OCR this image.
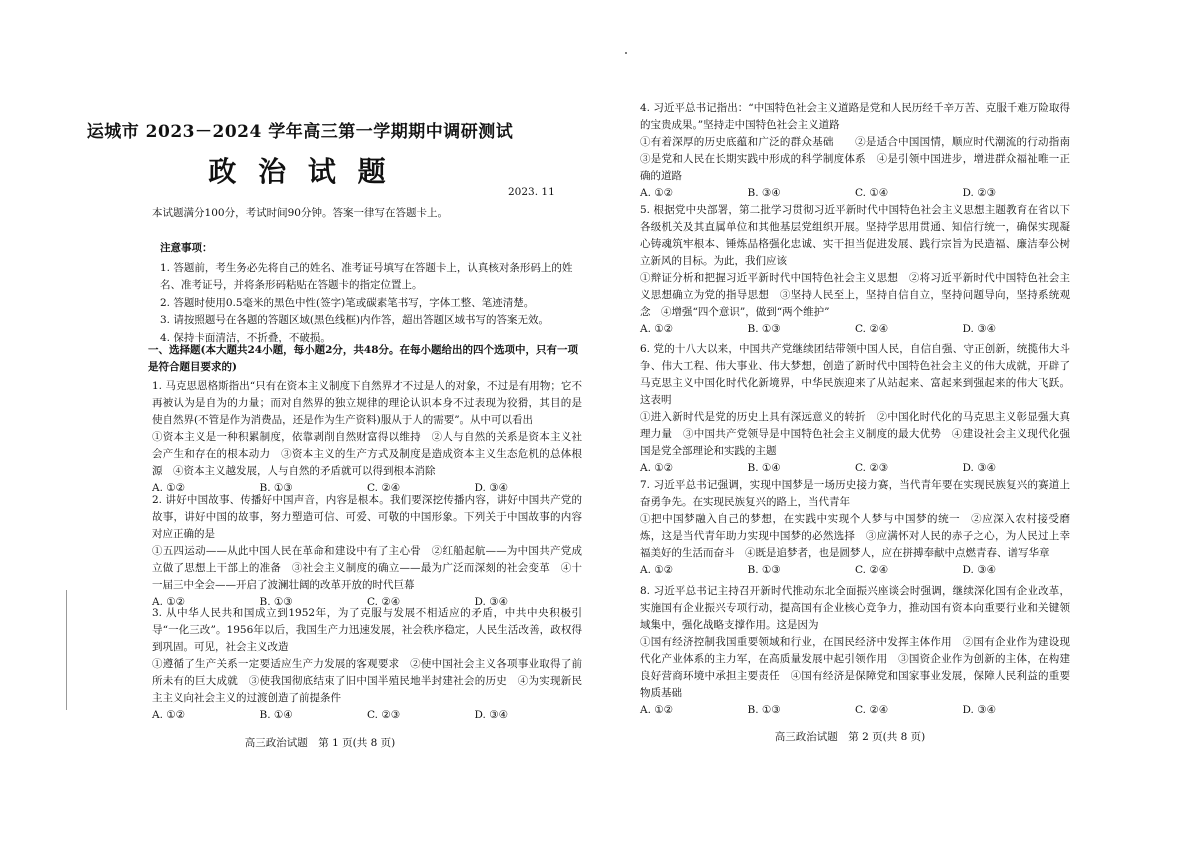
运城市 2023－2024 学年高三第一学期期中调研测试
政 治 试 题
2023. 11
本试题满分100分，考试时间90分钟。答案一律写在答题卡上。
注意事项：

1. 答题前，考生务必先将自己的姓名、准考证号填写在答题卡上，认真核对条形码上的姓名、准考证号，并将条形码粘贴在答题卡的指定位置上。

2. 答题时使用0.5毫米的黑色中性(签字)笔或碳素笔书写，字体工整、笔迹清楚。

3. 请按照题号在各题的答题区域(黑色线框)内作答，超出答题区域书写的答案无效。

4. 保持卡面清洁，不折叠，不破损。

一、选择题(本大题共24小题，每小题2分，共48分。在每小题给出的四个选项中，只有一项是符合题目要求的)

1. 马克思恩格斯指出“只有在资本主义制度下自然界才不过是人的对象，不过是有用物；它不再被认为是自为的力量；而对自然界的独立规律的理论认识本身不过表现为狡猾，其目的是使自然界(不管是作为消费品，还是作为生产资料)服从于人的需要”。从中可以看出

①资本主义是一种积累制度，依靠剥削自然财富得以维持　②人与自然的关系是资本主义社会产生和存在的根本动力　③资本主义的生产方式及制度是造成资本主义生态危机的总体根源　④资本主义越发展，人与自然的矛盾就可以得到根本消除

A. ①②	B. ①③	C. ②④	D. ③④

2. 讲好中国故事、传播好中国声音，内容是根本。我们要深挖传播内容，讲好中国共产党的故事，讲好中国的故事，努力塑造可信、可爱、可敬的中国形象。下列关于中国故事的内容对应正确的是

①五四运动——从此中国人民在革命和建设中有了主心骨　②红船起航——为中国共产党成立做了思想上干部上的准备　③社会主义制度的确立——最为广泛而深刻的社会变革　④十一届三中全会——开启了波澜壮阔的改革开放的时代巨幕

A. ①②	B. ①③	C. ②④	D. ③④

3. 从中华人民共和国成立到1952年，为了克服与发展不相适应的矛盾，中共中央积极引导“一化三改”。1956年以后，我国生产力迅速发展，社会秩序稳定，人民生活改善，政权得到巩固。可见，社会主义改造

①遵循了生产关系一定要适应生产力发展的客观要求　②使中国社会主义各项事业取得了前所未有的巨大成就　③使我国彻底结束了旧中国半殖民地半封建社会的历史　④为实现新民主主义向社会主义的过渡创造了前提条件

A. ①②	B. ①④	C. ②③	D. ③④
高三政治试题　第 1 页(共 8 页)

4. 习近平总书记指出：“中国特色社会主义道路是党和人民历经千辛万苦、克服千难万险取得的宝贵成果。”坚持走中国特色社会主义道路

①有着深厚的历史底蕴和广泛的群众基础　　②是适合中国国情，顺应时代潮流的行动指南　③是党和人民在长期实践中形成的科学制度体系　④是引领中国进步，增进群众福祉唯一正确的道路

A. ①②	B. ③④	C. ①④	D. ②③

5. 根据党中央部署，第二批学习贯彻习近平新时代中国特色社会主义思想主题教育在省以下各级机关及其直属单位和其他基层党组织开展。坚持学思用贯通、知信行统一，确保实现凝心铸魂筑牢根本、锤炼品格强化忠诚、实干担当促进发展、践行宗旨为民造福、廉洁奉公树立新风的目标。为此，我们应该

①辩证分析和把握习近平新时代中国特色社会主义思想　②将习近平新时代中国特色社会主义思想确立为党的指导思想　③坚持人民至上，坚持自信自立，坚持问题导向，坚持系统观念　④增强“四个意识”，做到“两个维护”

A. ①②	B. ①③	C. ②④	D. ③④

6. 党的十八大以来，中国共产党继续团结带领中国人民，自信自强、守正创新，统揽伟大斗争、伟大工程、伟大事业、伟大梦想，创造了新时代中国特色社会主义的伟大成就，开辟了马克思主义中国化时代化新境界，中华民族迎来了从站起来、富起来到强起来的伟大飞跃。这表明

①进入新时代是党的历史上具有深远意义的转折　②中国化时代化的马克思主义彰显强大真理力量　③中国共产党领导是中国特色社会主义制度的最大优势　④建设社会主义现代化强国是党全部理论和实践的主题

A. ①②	B. ①④	C. ②③	D. ③④

7. 习近平总书记强调，实现中国梦是一场历史接力赛，当代青年要在实现民族复兴的赛道上奋勇争先。在实现民族复兴的路上，当代青年

①把中国梦融入自己的梦想，在实践中实现个人梦与中国梦的统一　②应深入农村接受磨炼，这是当代青年助力实现中国梦的必然选择　③应满怀对人民的赤子之心，为人民过上幸福美好的生活而奋斗　④既是追梦者，也是圆梦人，应在拼搏奉献中点燃青春、谱写华章

A. ①②	B. ①③	C. ②④	D. ③④

8. 习近平总书记主持召开新时代推动东北全面振兴座谈会时强调，继续深化国有企业改革，实施国有企业振兴专项行动，提高国有企业核心竞争力，推动国有资本向重要行业和关键领域集中，强化战略支撑作用。这是因为

①国有经济控制我国重要领域和行业，在国民经济中发挥主体作用　②国有企业作为建设现代化产业体系的主力军，在高质量发展中起引领作用　③国资企业作为创新的主体，在构建良好营商环境中承担主要责任　④国有经济是保障党和国家事业发展，保障人民利益的重要物质基础

A. ①②	B. ①③	C. ②④	D. ③④
高三政治试题　第 2 页(共 8 页)
